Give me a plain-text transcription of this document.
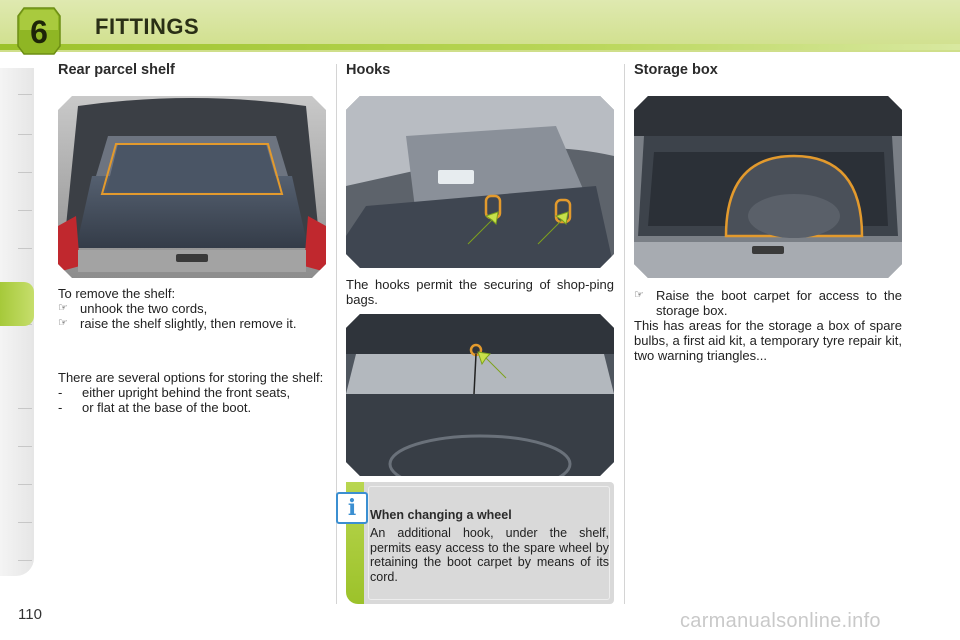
6 FITTINGS
Rear parcel shelf
To remove the shelf:
☞ unhook the two cords,
☞ raise the shelf slightly, then remove it.
There are several options for storing the shelf:
- either upright behind the front seats,
- or flat at the base of the boot.
Hooks
The hooks permit the securing of shop-ping bags.
i	When changing a wheel
An additional hook, under the shelf, permits easy access to the spare wheel by retaining the boot carpet by means of its cord.
Storage box
☞ Raise the boot carpet for access to the storage box.
This has areas for the storage a box of spare bulbs, a first aid kit, a temporary tyre repair kit, two warning triangles...
110	carmanualsonline.info
